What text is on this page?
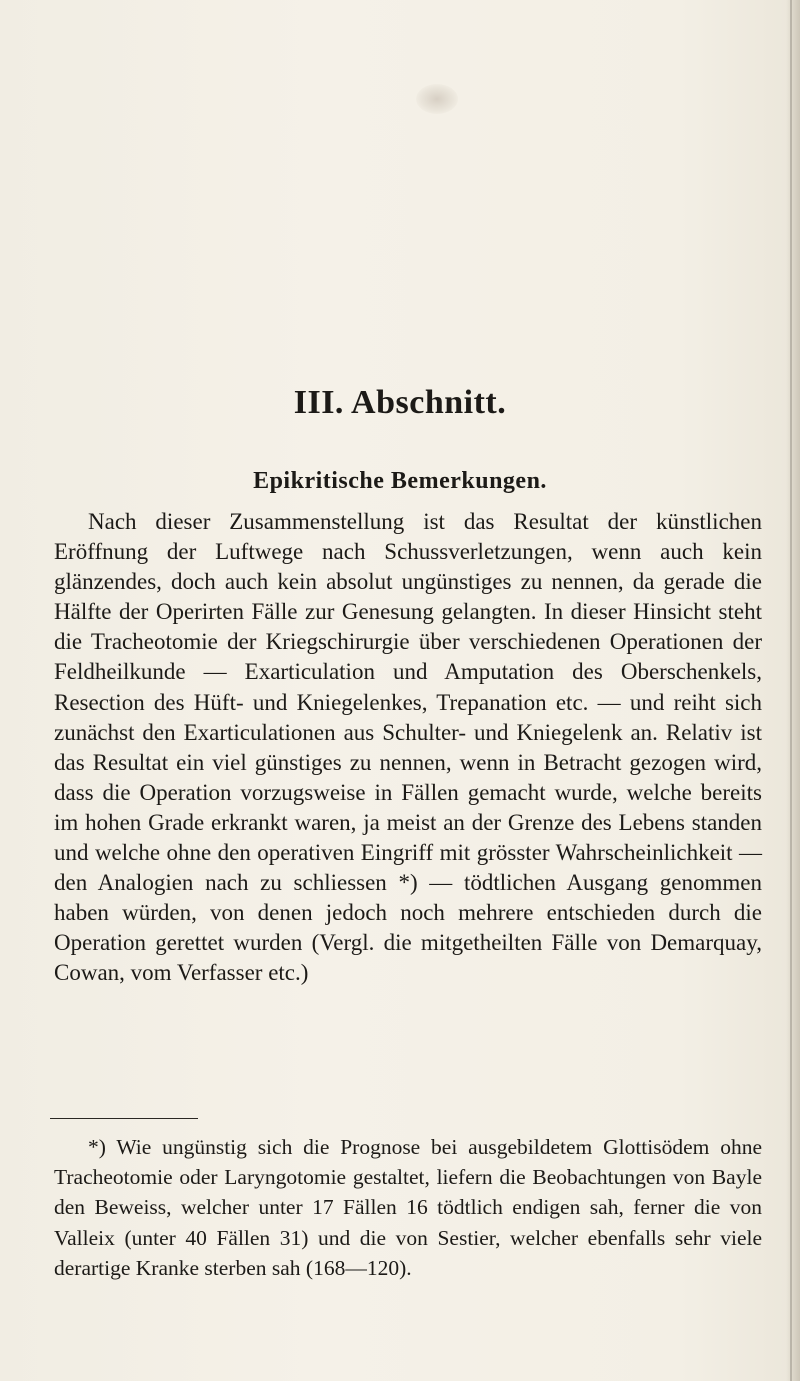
III. Abschnitt.
Epikritische Bemerkungen.

Nach dieser Zusammenstellung ist das Resultat der künstlichen Eröffnung der Luftwege nach Schussverletzungen, wenn auch kein glänzendes, doch auch kein absolut ungünstiges zu nennen, da gerade die Hälfte der Operirten Fälle zur Genesung gelangten. In dieser Hinsicht steht die Tracheotomie der Kriegschirurgie über verschiedenen Operationen der Feldheilkunde — Exarticulation und Amputation des Oberschenkels, Resection des Hüft- und Kniegelenkes, Trepanation etc. — und reiht sich zunächst den Exarticulationen aus Schulter- und Kniegelenk an. Relativ ist das Resultat ein viel günstiges zu nennen, wenn in Betracht gezogen wird, dass die Operation vorzugsweise in Fällen gemacht wurde, welche bereits im hohen Grade erkrankt waren, ja meist an der Grenze des Lebens standen und welche ohne den operativen Eingriff mit grösster Wahrscheinlichkeit — den Analogien nach zu schliessen *) — tödtlichen Ausgang genommen haben würden, von denen jedoch noch mehrere entschieden durch die Operation gerettet wurden (Vergl. die mitgetheilten Fälle von Demarquay, Cowan, vom Verfasser etc.)

*) Wie ungünstig sich die Prognose bei ausgebildetem Glottisödem ohne Tracheotomie oder Laryngotomie gestaltet, liefern die Beobachtungen von Bayle den Beweiss, welcher unter 17 Fällen 16 tödtlich endigen sah, ferner die von Valleix (unter 40 Fällen 31) und die von Sestier, welcher ebenfalls sehr viele derartige Kranke sterben sah (168—120).
